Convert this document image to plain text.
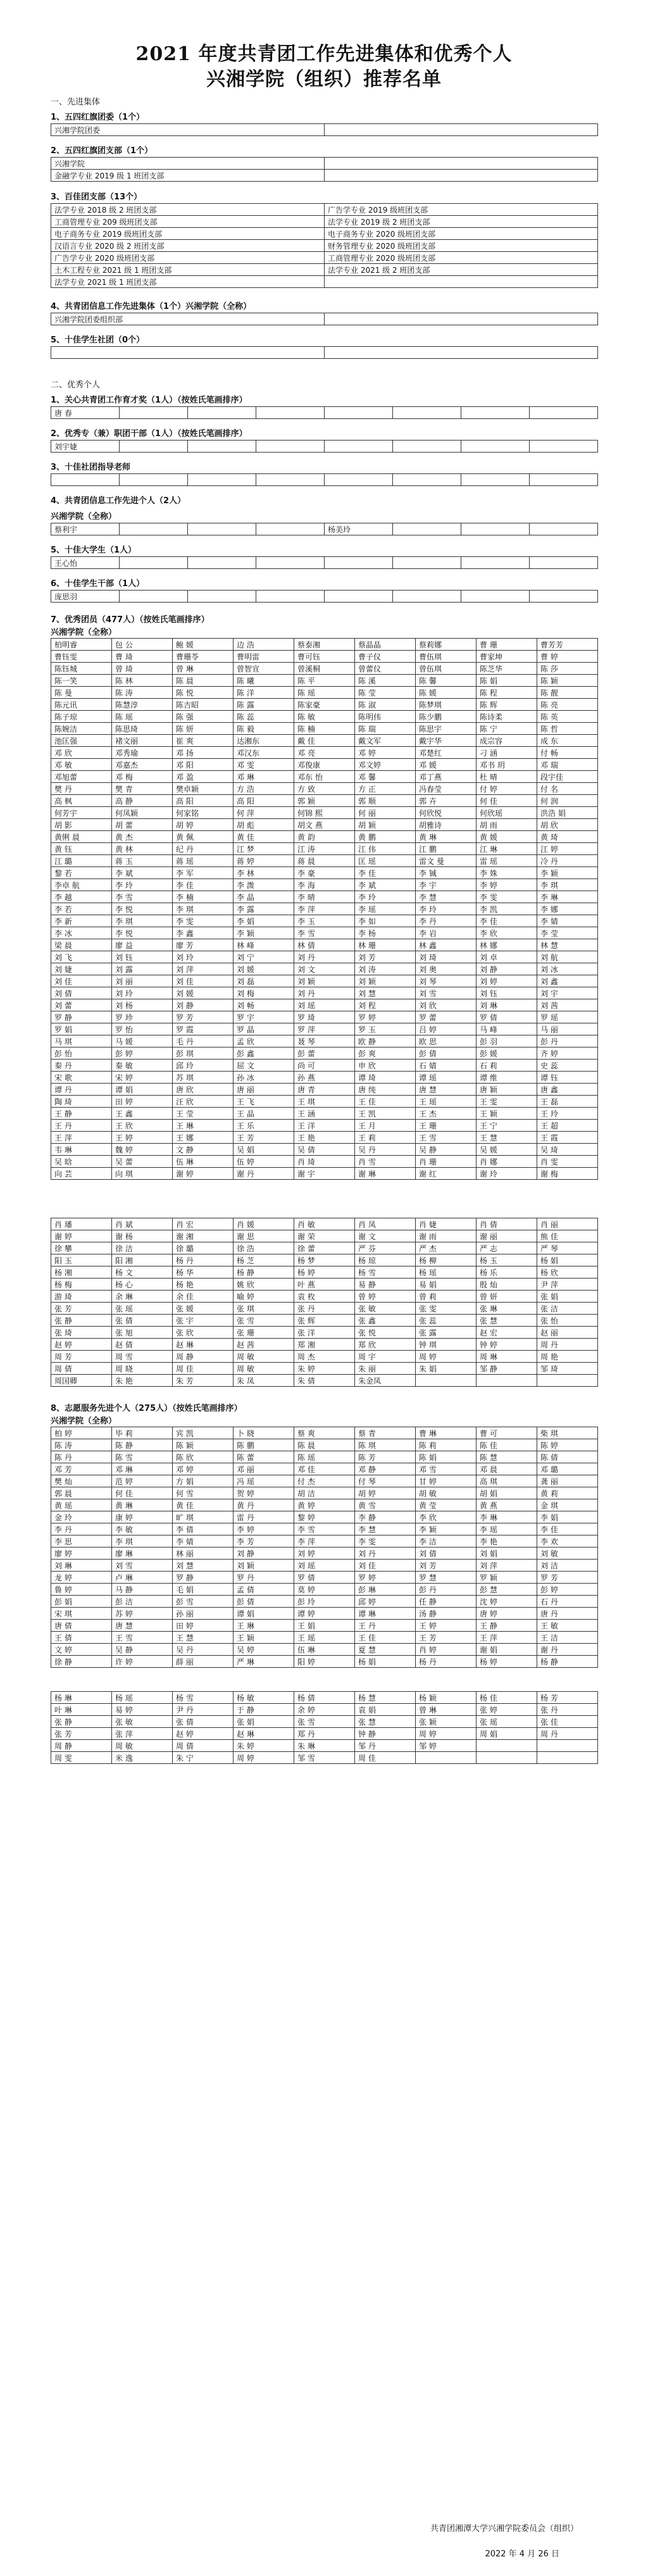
2021 年度共青团工作先进集体和优秀个人
兴湘学院（组织）推荐名单
一、先进集体
1、五四红旗团委（1个）
兴湘学院团委	
2、五四红旗团支部（1个）
兴湘学院	
金融学专业 2019 级 1 班团支部	
3、百佳团支部（13个）
法学专业 2018 级 2 班团支部	广告学专业 2019 级班团支部
工商管理专业 209 级班团支部	法学专业 2019 级 2 班团支部
电子商务专业 2019 级班团支部	电子商务专业 2020 级班团支部
汉语言专业 2020 级 2 班团支部	财务管理专业 2020 级班团支部
广告学专业 2020 级班团支部	工商管理专业 2020 级班团支部
土木工程专业 2021 级 1 班团支部	法学专业 2021 级 2 班团支部
法学专业 2021 级 1 班团支部	
4、共青团信息工作先进集体（1个）兴湘学院（全称）
兴湘学院团委组织部	
5、十佳学生社团（0个）

二、优秀个人
1、关心共青团工作育才奖（1人）（按姓氏笔画排序）
唐 春							
2、优秀专（兼）职团干部（1人）（按姓氏笔画排序）
刘宇婕							
3、十佳社团指导老师

4、共青团信息工作先进个人（2人）
兴湘学院（全称）
蔡利宇				杨美玲			
5、十佳大学生（1人）
王心怡							
6、十佳学生干部（1人）
庞思羽							
7、优秀团员（477人）（按姓氏笔画排序）
兴湘学院（全称）
柏明睿	包 公	鲍 媛	边 浩	蔡泰湘	蔡晶晶	蔡莉娜	曹 珊	曹芳芳
曹钰雯	曹 琦	曹珊苓	曹明雷	曹可钰	曹子仪	曹伍琪	曹家坤	曹 婷
陈钰城	曾 琦	曾 琳	曾智宣	曾溪桐	曾蕾仪	曾伍琪	陈芝华	陈 莎
陈一笑	陈 林	陈 晨	陈 曦	陈 平	陈 溪	陈 馨	陈 娟	陈 颖
陈 曼	陈 涛	陈 悦	陈 洋	陈 瑶	陈 莹	陈 媛	陈 程	陈 靓
陈元讯	陈慧淳	陈吉昭	陈 露	陈家豪	陈 淑	陈梦琪	陈 辉	陈 亮
陈子琼	陈 瑶	陈 强	陈 蕊	陈 敏	陈明伟	陈少鹏	陈诗柔	陈 英
陈婉洁	陈思琦	陈 妍	陈 毅	陈 楠	陈 瑞	陈思宇	陈 宁	陈 哲
池匡强	褚文丽	崔 爽	达湘东	戴 佳	戴文军	戴宇华	成宗容	成 东
邓 欣	邓秀瑜	邓 扬	邓汉东	邓 亮	邓 婷	邓楚红	刁 涵	付 畅
邓 敏	邓嘉杰	邓 阳	邓 雯	邓俊康	邓文婷	邓 媛	邓书 玥	邓 瑞
邓旭蕾	邓 梅	邓 盈	邓 琳	邓东 怡	邓 馨	邓丁燕	杜 晴	段宇佳
樊 丹	樊 青	樊卓颖	方 浩	方 致	方 正	冯春莹	付 婷	付 名
高 枫	高 静	高 阳	高 阳	郭 颖	郭 顺	郭 卉	何 佳	何 润
何芳宇	何凤颖	何家铭	何 萍	何锦 熙	何 丽	何欣悦	何欣瑶	洪浩 娟
胡 影	胡 蕾	胡 婷	胡 彪	胡文 燕	胡 颖	胡雅诗	胡 雨	胡 欣
黄俐 晨	黄 杰	黄 佩	黄 佳	黄 韵	黄 鹏	黄 琳	黄 媛	黄 琦
黄 钰	黄 林	纪 丹	江 梦	江 涛	江 伟	江 鹏	江 琳	江 婷
江 璐	蒋 玉	蒋 瑶	蒋 婷	蒋 晨	匡 瑶	雷文 曼	雷 瑶	冷 丹
黎 若	李 斌	李 军	李 林	李 豪	李 佳	李 铖	李 姝	李 颖
李卓 航	李 玲	李 佳	李 溦	李 海	李 斌	李 宇	李 婷	李 琪
李 越	李 雪	李 楠	李 晶	李 晴	李 玲	李 慧	李 雯	李 琳
李 若	李 悦	李 琪	李 露	李 萍	李 瑶	李 玲	李 凯	李 娜
李 新	李 琪	李 雯	李 娟	李 玉	李 如	李 丹	李 佳	李 婧
李 冰	李 悦	李 鑫	李 颖	李 雪	李 杨	李 岩	李 欣	李 莹
梁 晨	廖 益	廖 芳	林 峰	林 倩	林 珊	林 鑫	林 娜	林 慧
刘 飞	刘 钰	刘 玲	刘 宁	刘 丹	刘 芳	刘 琦	刘 卓	刘 航
刘 婕	刘 露	刘 萍	刘 媛	刘 文	刘 涛	刘 奥	刘 静	刘 冰
刘 佳	刘 丽	刘 佳	刘 磊	刘 颖	刘 颖	刘 琴	刘 婷	刘 鑫
刘 倩	刘 玲	刘 媛	刘 梅	刘 丹	刘 慧	刘 雪	刘 钰	刘 宇
刘 蕾	刘 杨	刘 静	刘 畅	刘 瑶	刘 程	刘 欣	刘 琳	刘 茜
罗 静	罗 珍	罗 芳	罗 宇	罗 琦	罗 婷	罗 蕾	罗 倩	罗 瑶
罗 娟	罗 怡	罗 霞	罗 晶	罗 萍	罗 玉	吕 婷	马 峰	马 丽
马 琪	马 媛	毛 丹	孟 欣	聂 琴	欧 静	欧 思	彭 羽	彭 丹
彭 怡	彭 婷	彭 琪	彭 鑫	彭 蕾	彭 爽	彭 倩	彭 媛	齐 婷
秦 丹	秦 敏	邱 玲	屈 文	尚 可	申 欣	石 婧	石 莉	史 蕊
宋 歌	宋 婷	苏 琪	孙 冰	孙 燕	谭 琦	谭 瑶	谭 维	谭 钰
谭 丹	谭 娟	唐 欣	唐 丽	唐 青	唐 纯	唐 慧	唐 颖	唐 鑫
陶 琦	田 婷	汪 欣	王 飞	王 琪	王 佳	王 瑶	王 雯	王 磊
王 静	王 鑫	王 莹	王 晶	王 涵	王 凯	王 杰	王 颖	王 玲
王 丹	王 欣	王 琳	王 乐	王 洋	王 月	王 珊	王 宁	王 超
王 萍	王 婷	王 娜	王 芳	王 艳	王 莉	王 雪	王 慧	王 霞
韦 琳	魏 婷	文 静	吴 娟	吴 倩	吴 丹	吴 静	吴 媛	吴 琦
吴 晗	吴 蕾	伍 琳	伍 婷	肖 琦	肖 雪	肖 珊	肖 娜	肖 雯
向 芸	向 琪	谢 婷	谢 丹	谢 宇	谢 琳	谢 红	谢 玲	谢 梅
肖 璠	肖 斌	肖 宏	肖 媛	肖 敏	肖 凤	肖 婕	肖 倩	肖 丽
谢 婷	谢 杨	谢 湘	谢 思	谢 荣	谢 文	谢 雨	谢 丽	熊 佳
徐 攀	徐 洁	徐 璐	徐 浩	徐 蕾	严 芬	严 杰	严 志	严 琴
阳 玉	阳 湘	杨 丹	杨 芝	杨 梦	杨 琼	杨 柳	杨 玉	杨 娟
杨 湘	杨 文	杨 华	杨 静	杨 婷	杨 雪	杨 瑶	杨 乐	杨 欣
杨 梅	杨 心	杨 艳	姚 欣	叶 燕	易 静	易 娟	殷 灿	尹 萍
游 琦	余 琳	余 佳	喻 婷	袁 枚	曾 婷	曾 莉	曾 妍	张 娟
张 芳	张 瑶	张 媛	张 琪	张 丹	张 敏	张 雯	张 琳	张 洁
张 静	张 倩	张 宇	张 雪	张 辉	张 鑫	张 蕊	张 慧	张 怡
张 琦	张 旭	张 欣	张 珊	张 洋	张 悦	张 露	赵 宏	赵 丽
赵 婷	赵 倩	赵 琳	赵 茜	郑 湘	郑 欣	钟 琪	钟 婷	周 丹
周 芳	周 雪	周 静	周 敏	周 杰	周 宇	周 婷	周 琳	周 艳
周 倩	周 晓	周 佳	周 敏	朱 婷	朱 丽	朱 娟	邹 静	邹 琦
周国卿	朱 艳	朱 芳	朱 凤	朱 倩	朱金凤			
8、志愿服务先进个人（275人）（按姓氏笔画排序）
兴湘学院（全称）
柏 婷	毕 莉	宾 凯	卜 晓	蔡 爽	蔡 青	曹 琳	曹 可	柴 琪
陈 涛	陈 静	陈 颖	陈 鹏	陈 晨	陈 琪	陈 莉	陈 佳	陈 婷
陈 丹	陈 雪	陈 欣	陈 蕾	陈 瑶	陈 芳	陈 娟	陈 慧	陈 倩
邓 芳	邓 琳	邓 婷	邓 丽	邓 佳	邓 静	邓 雪	邓 晨	邓 璐
樊 灿	范 婷	方 娟	冯 瑶	付 杰	付 琴	甘 婷	高 琪	龚 丽
郭 晨	何 佳	何 雪	贺 婷	胡 洁	胡 婷	胡 敏	胡 娟	黄 莉
黄 瑶	黄 琳	黄 佳	黄 丹	黄 婷	黄 雪	黄 莹	黄 燕	金 琪
金 玲	康 婷	旷 琪	雷 丹	黎 婷	李 静	李 欣	李 琳	李 娟
李 丹	李 敏	李 倩	李 婷	李 雪	李 慧	李 颖	李 瑶	李 佳
李 思	李 琪	李 婧	李 芳	李 萍	李 雯	李 洁	李 艳	李 欢
廖 婷	廖 琳	林 丽	刘 静	刘 婷	刘 丹	刘 倩	刘 娟	刘 敏
刘 琳	刘 雪	刘 慧	刘 颖	刘 瑶	刘 佳	刘 芳	刘 萍	刘 洁
龙 婷	卢 琳	罗 静	罗 丹	罗 倩	罗 婷	罗 慧	罗 颖	罗 芳
鲁 婷	马 静	毛 娟	孟 倩	莫 婷	彭 琳	彭 丹	彭 慧	彭 婷
彭 娟	彭 洁	彭 雪	彭 倩	彭 玲	邱 婷	任 静	沈 婷	石 丹
宋 琪	苏 婷	孙 丽	谭 娟	谭 婷	谭 琳	汤 静	唐 婷	唐 丹
唐 倩	唐 慧	田 婷	王 琳	王 娟	王 丹	王 婷	王 静	王 敏
王 倩	王 雪	王 慧	王 颖	王 瑶	王 佳	王 芳	王 萍	王 洁
文 婷	吴 静	吴 丹	吴 婷	伍 琳	夏 慧	肖 婷	谢 娟	谢 丹
徐 静	许 婷	薛 丽	严 琳	阳 婷	杨 娟	杨 丹	杨 婷	杨 静
杨 琳	杨 瑶	杨 雪	杨 敏	杨 倩	杨 慧	杨 颖	杨 佳	杨 芳
叶 琳	易 婷	尹 丹	于 静	余 婷	袁 娟	曾 琳	张 婷	张 丹
张 静	张 敏	张 倩	张 娟	张 雪	张 慧	张 颖	张 瑶	张 佳
张 芳	张 萍	赵 婷	赵 琳	郑 丹	钟 静	周 婷	周 娟	周 丹
周 静	周 敏	周 倩	朱 婷	朱 琳	邹 丹	邹 婷		
周 雯	米 逸	朱 宁	周 婷	邹 雪	周 佳			
共青团湘潭大学兴湘学院委员会（组织）
2022 年 4 月 26 日
